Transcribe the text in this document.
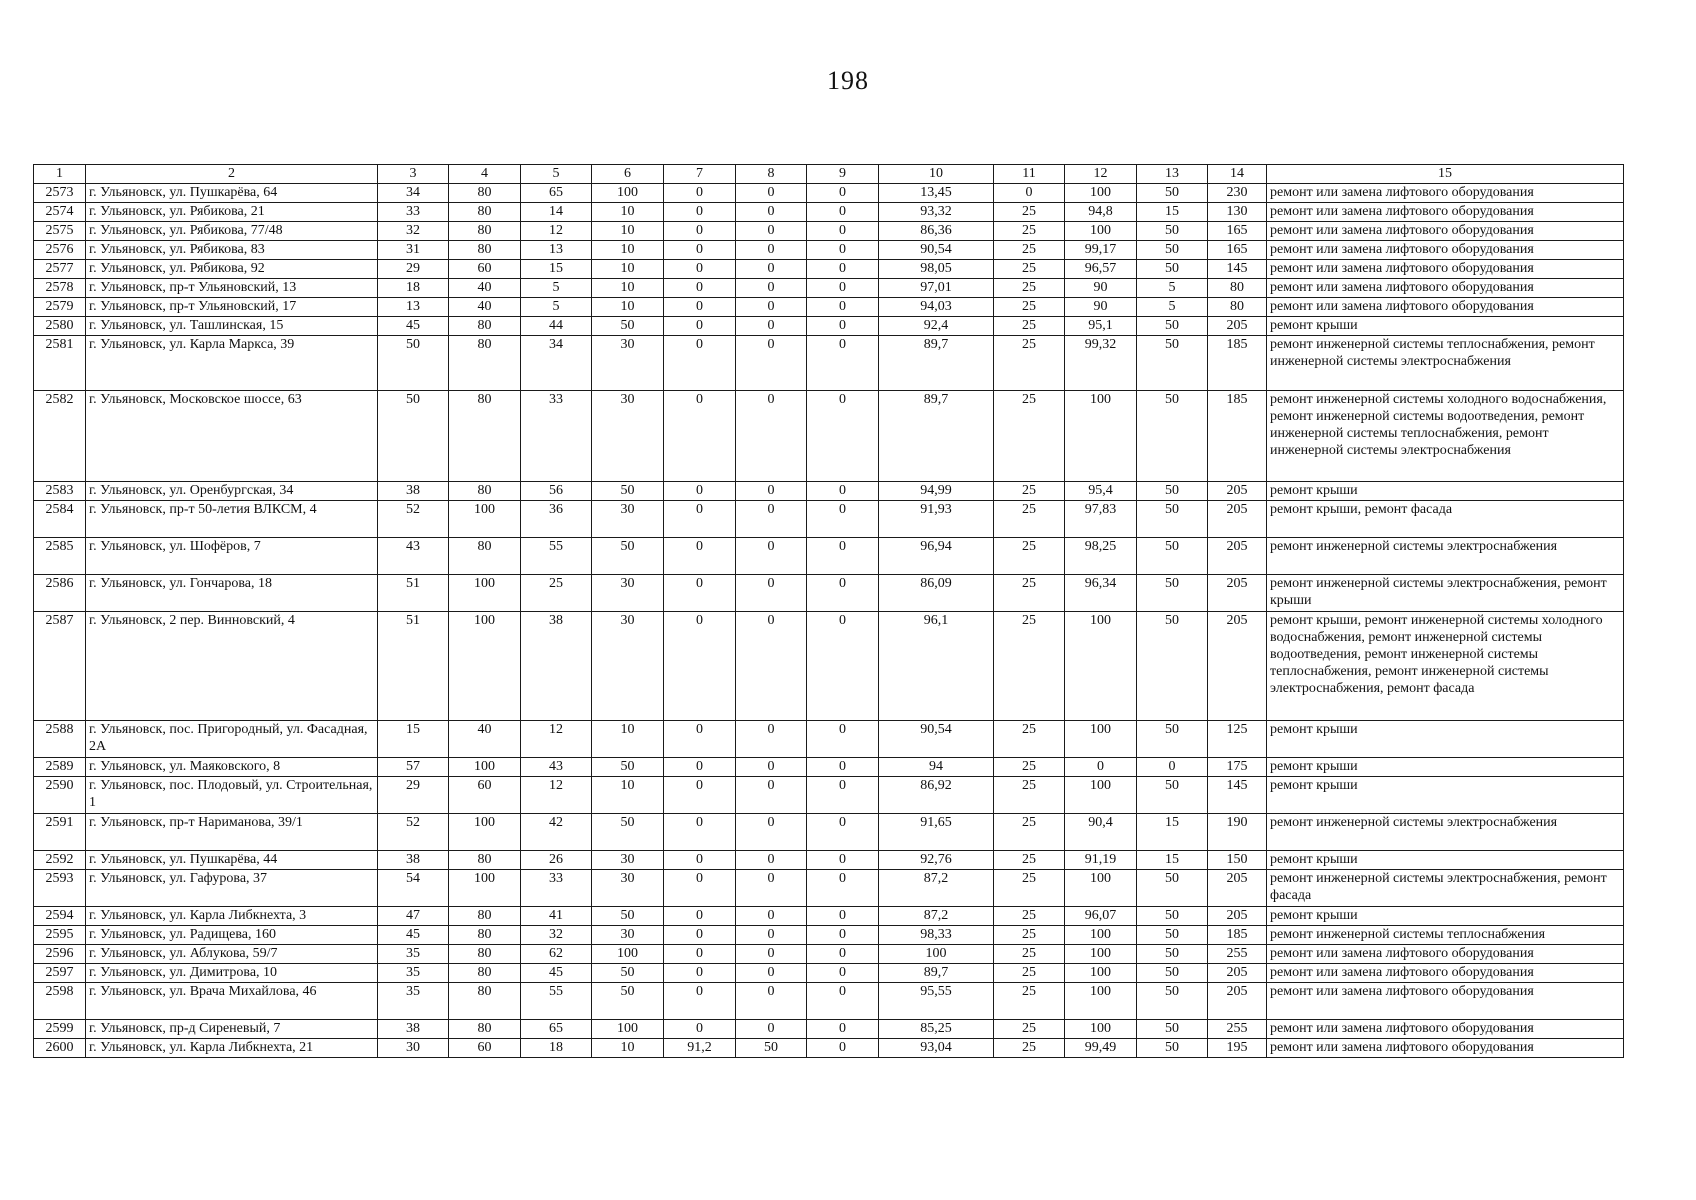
198
1	2	3	4	5	6	7	8	9	10	11	12	13	14	15
2573	г. Ульяновск, ул. Пушкарёва, 64	34	80	65	100	0	0	0	13,45	0	100	50	230	ремонт или замена лифтового оборудования
2574	г. Ульяновск, ул. Рябикова, 21	33	80	14	10	0	0	0	93,32	25	94,8	15	130	ремонт или замена лифтового оборудования
2575	г. Ульяновск, ул. Рябикова, 77/48	32	80	12	10	0	0	0	86,36	25	100	50	165	ремонт или замена лифтового оборудования
2576	г. Ульяновск, ул. Рябикова, 83	31	80	13	10	0	0	0	90,54	25	99,17	50	165	ремонт или замена лифтового оборудования
2577	г. Ульяновск, ул. Рябикова, 92	29	60	15	10	0	0	0	98,05	25	96,57	50	145	ремонт или замена лифтового оборудования
2578	г. Ульяновск, пр-т Ульяновский, 13	18	40	5	10	0	0	0	97,01	25	90	5	80	ремонт или замена лифтового оборудования
2579	г. Ульяновск, пр-т Ульяновский, 17	13	40	5	10	0	0	0	94,03	25	90	5	80	ремонт или замена лифтового оборудования
2580	г. Ульяновск, ул. Ташлинская, 15	45	80	44	50	0	0	0	92,4	25	95,1	50	205	ремонт крыши
2581	г. Ульяновск, ул. Карла Маркса, 39	50	80	34	30	0	0	0	89,7	25	99,32	50	185	ремонт инженерной системы теплоснабжения, ремонт инженерной системы электроснабжения
2582	г. Ульяновск, Московское шоссе, 63	50	80	33	30	0	0	0	89,7	25	100	50	185	ремонт инженерной системы холодного водоснабжения, ремонт инженерной системы водоотведения, ремонт инженерной системы теплоснабжения, ремонт инженерной системы электроснабжения
2583	г. Ульяновск, ул. Оренбургская, 34	38	80	56	50	0	0	0	94,99	25	95,4	50	205	ремонт крыши
2584	г. Ульяновск, пр-т 50-летия ВЛКСМ, 4	52	100	36	30	0	0	0	91,93	25	97,83	50	205	ремонт крыши, ремонт фасада
2585	г. Ульяновск, ул. Шофёров, 7	43	80	55	50	0	0	0	96,94	25	98,25	50	205	ремонт инженерной системы электроснабжения
2586	г. Ульяновск, ул. Гончарова, 18	51	100	25	30	0	0	0	86,09	25	96,34	50	205	ремонт инженерной системы электроснабжения, ремонт крыши
2587	г. Ульяновск, 2 пер. Винновский, 4	51	100	38	30	0	0	0	96,1	25	100	50	205	ремонт крыши, ремонт инженерной системы холодного водоснабжения, ремонт инженерной системы водоотведения, ремонт инженерной системы теплоснабжения, ремонт инженерной системы электроснабжения, ремонт фасада
2588	г. Ульяновск, пос. Пригородный, ул. Фасадная, 2А	15	40	12	10	0	0	0	90,54	25	100	50	125	ремонт крыши
2589	г. Ульяновск, ул. Маяковского, 8	57	100	43	50	0	0	0	94	25	0	0	175	ремонт крыши
2590	г. Ульяновск, пос. Плодовый, ул. Строительная, 1	29	60	12	10	0	0	0	86,92	25	100	50	145	ремонт крыши
2591	г. Ульяновск, пр-т Нариманова, 39/1	52	100	42	50	0	0	0	91,65	25	90,4	15	190	ремонт инженерной системы электроснабжения
2592	г. Ульяновск, ул. Пушкарёва, 44	38	80	26	30	0	0	0	92,76	25	91,19	15	150	ремонт крыши
2593	г. Ульяновск, ул. Гафурова, 37	54	100	33	30	0	0	0	87,2	25	100	50	205	ремонт инженерной системы электроснабжения, ремонт фасада
2594	г. Ульяновск, ул. Карла Либкнехта, 3	47	80	41	50	0	0	0	87,2	25	96,07	50	205	ремонт крыши
2595	г. Ульяновск, ул. Радищева, 160	45	80	32	30	0	0	0	98,33	25	100	50	185	ремонт инженерной системы теплоснабжения
2596	г. Ульяновск, ул. Аблукова, 59/7	35	80	62	100	0	0	0	100	25	100	50	255	ремонт или замена лифтового оборудования
2597	г. Ульяновск, ул. Димитрова, 10	35	80	45	50	0	0	0	89,7	25	100	50	205	ремонт или замена лифтового оборудования
2598	г. Ульяновск, ул. Врача Михайлова, 46	35	80	55	50	0	0	0	95,55	25	100	50	205	ремонт или замена лифтового оборудования
2599	г. Ульяновск, пр-д Сиреневый, 7	38	80	65	100	0	0	0	85,25	25	100	50	255	ремонт или замена лифтового оборудования
2600	г. Ульяновск, ул. Карла Либкнехта, 21	30	60	18	10	91,2	50	0	93,04	25	99,49	50	195	ремонт или замена лифтового оборудования
